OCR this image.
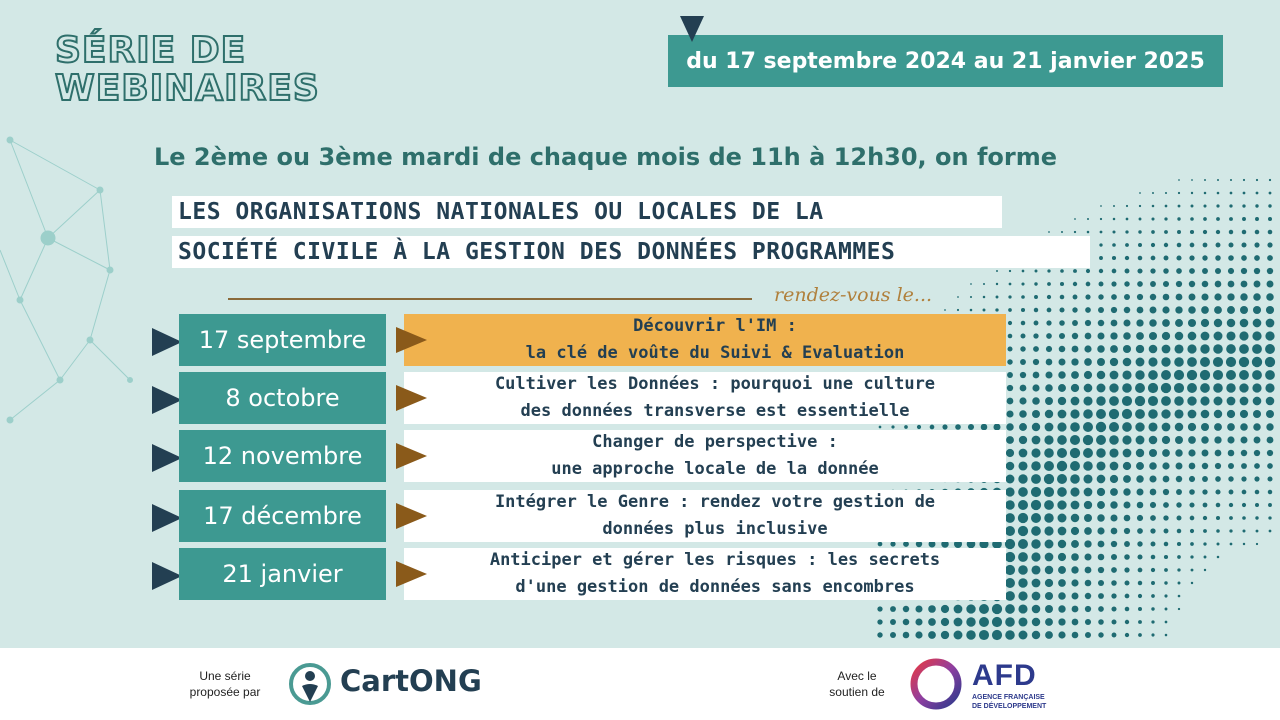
SÉRIE DE
WEBINAIRES
du 17 septembre 2024 au 21 janvier 2025
Le 2ème ou 3ème mardi de chaque mois de 11h à 12h30, on forme
LES ORGANISATIONS NATIONALES OU LOCALES DE LA
SOCIÉTÉ CIVILE À LA GESTION DES DONNÉES PROGRAMMES
rendez-vous le...
17 septembre	Découvrir l'IM :
la clé de voûte du Suivi & Evaluation
8 octobre	Cultiver les Données : pourquoi une culture
des données transverse est essentielle
12 novembre	Changer de perspective :
une approche locale de la donnée
17 décembre	Intégrer le Genre : rendez votre gestion de
données plus inclusive
21 janvier	Anticiper et gérer les risques : les secrets
d'une gestion de données sans encombres
Une série
proposée par	CartONG	Avec le
soutien de	AFD
AGENCE FRANÇAISE
DE DÉVELOPPEMENT
